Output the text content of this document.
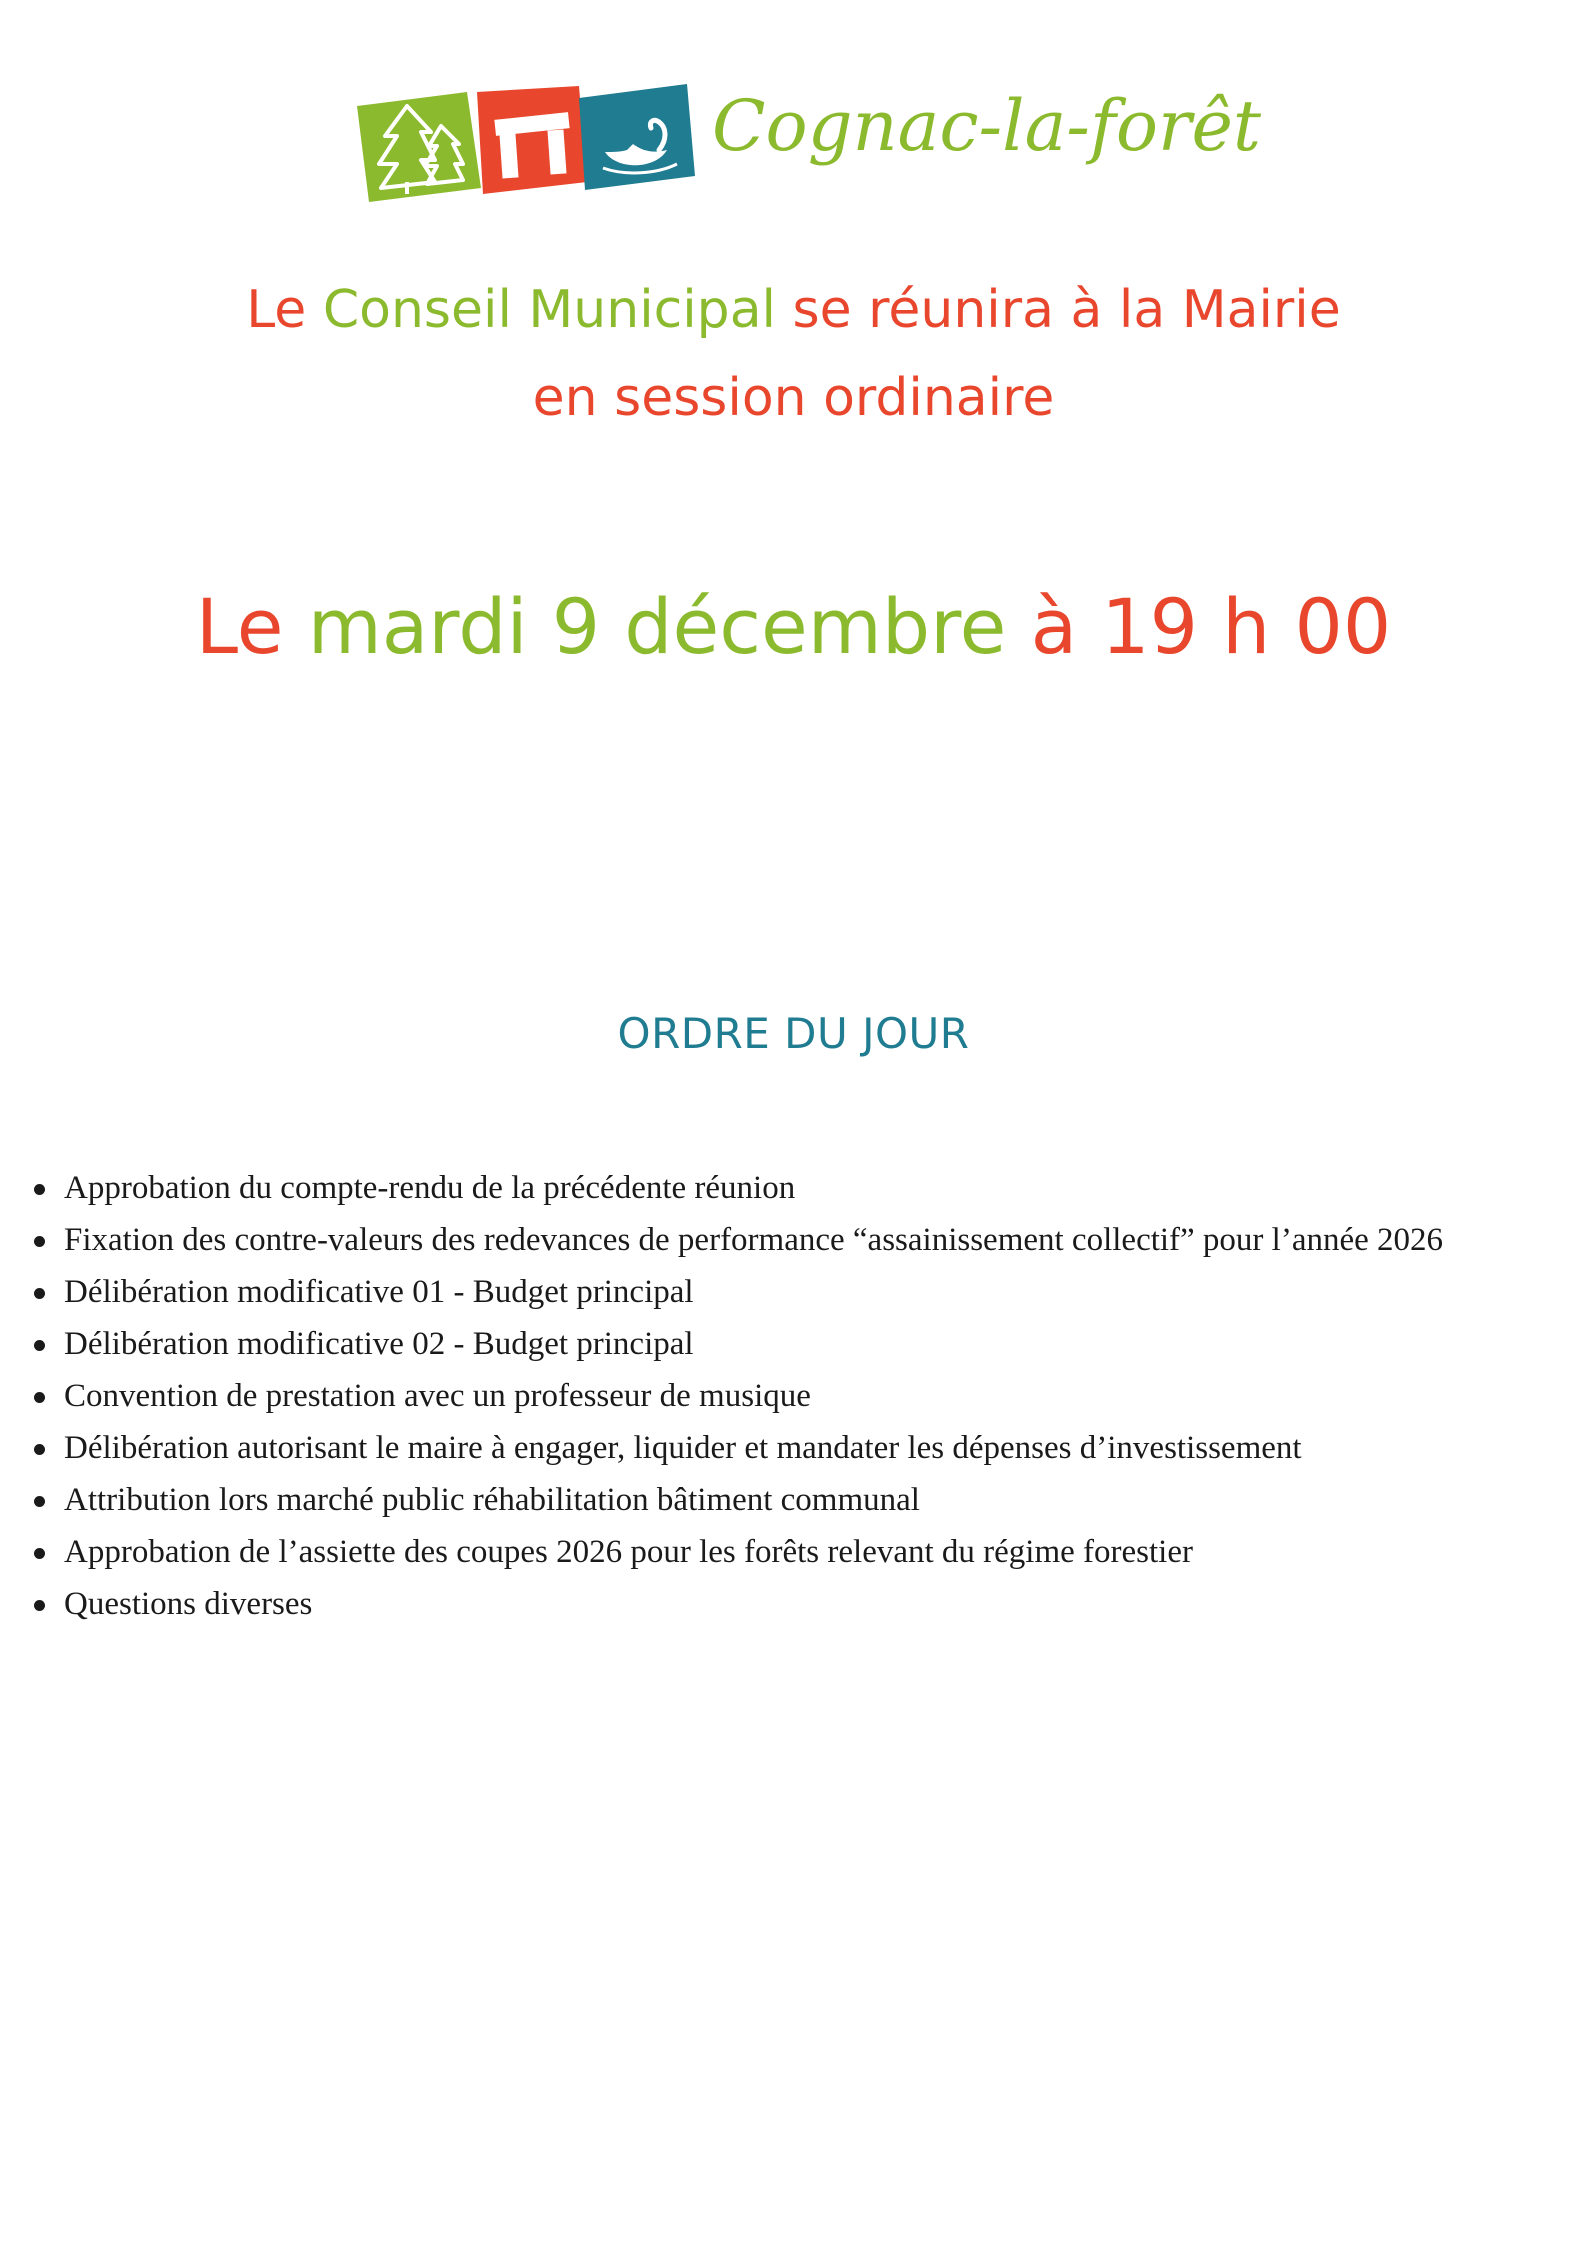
Cognac-la-forêt
Le Conseil Municipal se réunira à la Mairie
en session ordinaire
Le mardi 9 décembre à 19 h 00
ORDRE DU JOUR
Approbation du compte-rendu de la précédente réunion
Fixation des contre-valeurs des redevances de performance “assainissement collectif” pour l’année 2026
Délibération modificative 01 - Budget principal
Délibération modificative 02 - Budget principal
Convention de prestation avec un professeur de musique
Délibération autorisant le maire à engager, liquider et mandater les dépenses d’investissement
Attribution lors marché public réhabilitation bâtiment communal
Approbation de l’assiette des coupes 2026 pour les forêts relevant du régime forestier
Questions diverses
